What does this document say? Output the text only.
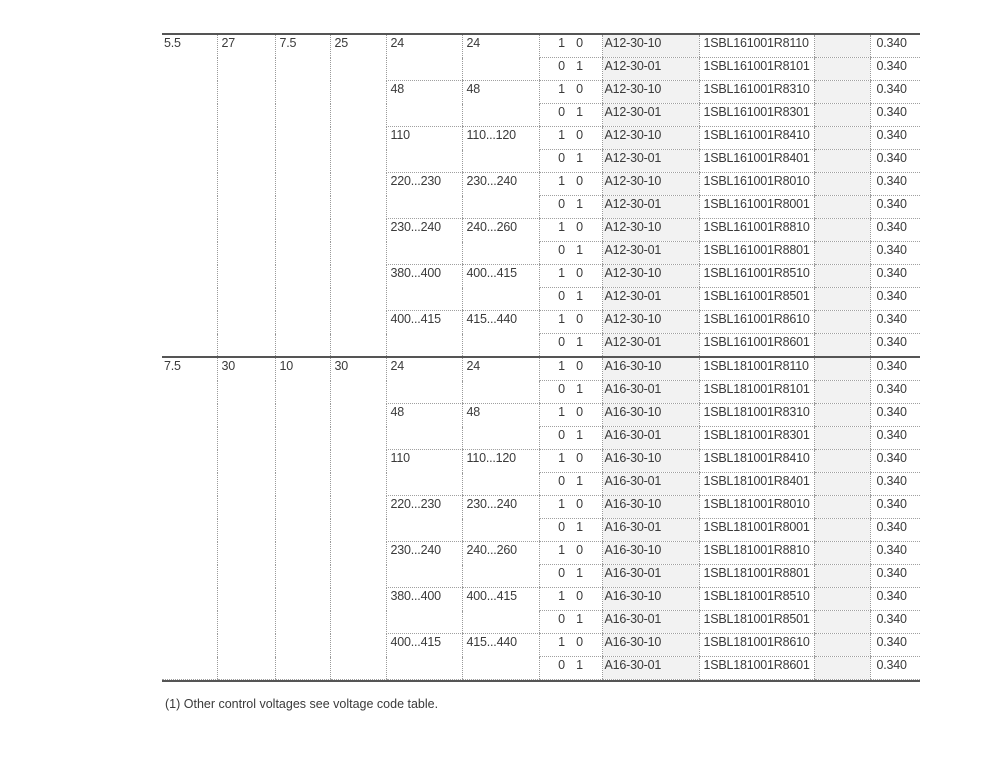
5.5	27	7.5	25	24	24	1 0	A12-30-10	1SBL161001R8110		0.340
						0 1	A12-30-01	1SBL161001R8101		0.340
				48	48	1 0	A12-30-10	1SBL161001R8310		0.340
						0 1	A12-30-01	1SBL161001R8301		0.340
				110	110...120	1 0	A12-30-10	1SBL161001R8410		0.340
						0 1	A12-30-01	1SBL161001R8401		0.340
				220...230	230...240	1 0	A12-30-10	1SBL161001R8010		0.340
						0 1	A12-30-01	1SBL161001R8001		0.340
				230...240	240...260	1 0	A12-30-10	1SBL161001R8810		0.340
						0 1	A12-30-01	1SBL161001R8801		0.340
				380...400	400...415	1 0	A12-30-10	1SBL161001R8510		0.340
						0 1	A12-30-01	1SBL161001R8501		0.340
				400...415	415...440	1 0	A12-30-10	1SBL161001R8610		0.340
						0 1	A12-30-01	1SBL161001R8601		0.340
7.5	30	10	30	24	24	1 0	A16-30-10	1SBL181001R8110		0.340
						0 1	A16-30-01	1SBL181001R8101		0.340
				48	48	1 0	A16-30-10	1SBL181001R8310		0.340
						0 1	A16-30-01	1SBL181001R8301		0.340
				110	110...120	1 0	A16-30-10	1SBL181001R8410		0.340
						0 1	A16-30-01	1SBL181001R8401		0.340
				220...230	230...240	1 0	A16-30-10	1SBL181001R8010		0.340
						0 1	A16-30-01	1SBL181001R8001		0.340
				230...240	240...260	1 0	A16-30-10	1SBL181001R8810		0.340
						0 1	A16-30-01	1SBL181001R8801		0.340
				380...400	400...415	1 0	A16-30-10	1SBL181001R8510		0.340
						0 1	A16-30-01	1SBL181001R8501		0.340
				400...415	415...440	1 0	A16-30-10	1SBL181001R8610		0.340
						0 1	A16-30-01	1SBL181001R8601		0.340
(1) Other control voltages see voltage code table.
